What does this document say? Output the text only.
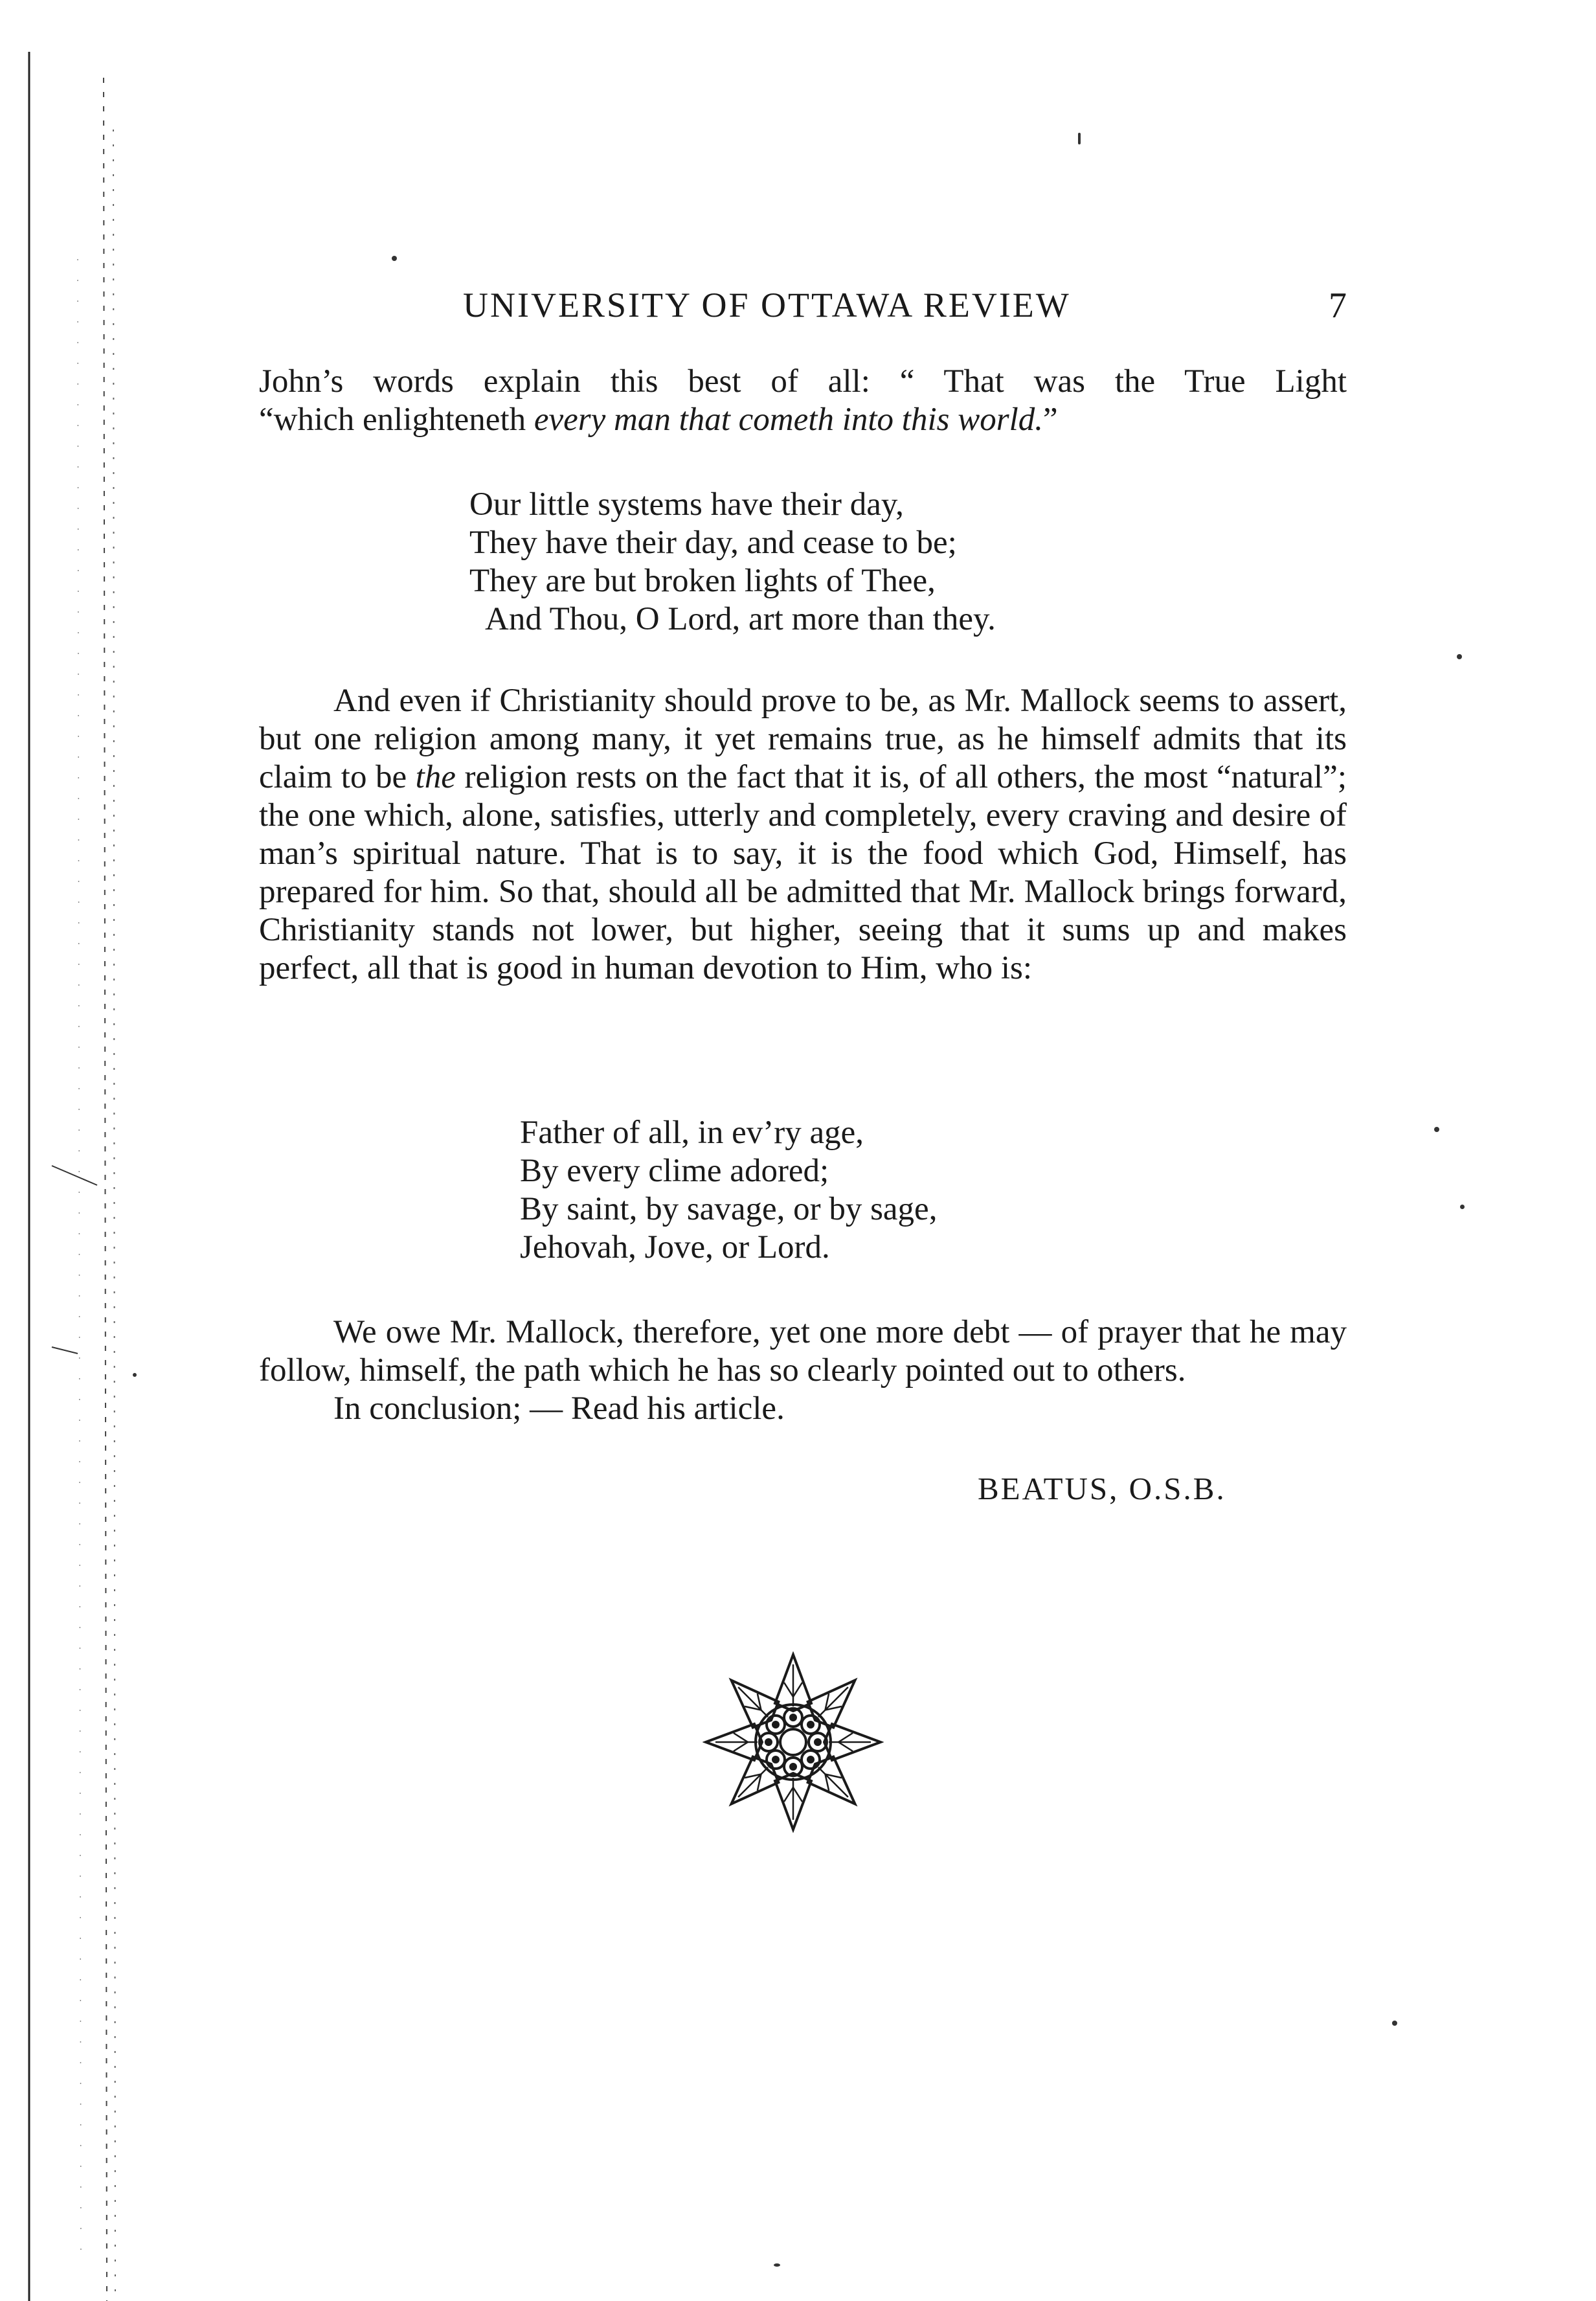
UNIVERSITY OF OTTAWA REVIEW	7

John’s words explain this best of all: “ That was the True Light

“which enlighteneth every man that cometh into this world.”

Our little systems have their day,
They have their day, and cease to be;
They are but broken lights of Thee,
And Thou, O Lord, art more than they.

And even if Christianity should prove to be, as Mr. Mallock seems to assert, but one religion among many, it yet remains true, as he himself admits that its claim to be the religion rests on the fact that it is, of all others, the most “natural”; the one which, alone, satisfies, utterly and completely, every craving and desire of man’s spiritual nature. That is to say, it is the food which God, Himself, has prepared for him. So that, should all be admitted that Mr. Mallock brings forward, Christianity stands not lower, but higher, seeing that it sums up and makes perfect, all that is good in human devotion to Him, who is:

Father of all, in ev’ry age,
By every clime adored;
By saint, by savage, or by sage,
Jehovah, Jove, or Lord.

We owe Mr. Mallock, therefore, yet one more debt — of prayer that he may follow, himself, the path which he has so clearly pointed out to others.

In conclusion; — Read his article.

BEATUS, O.S.B.
